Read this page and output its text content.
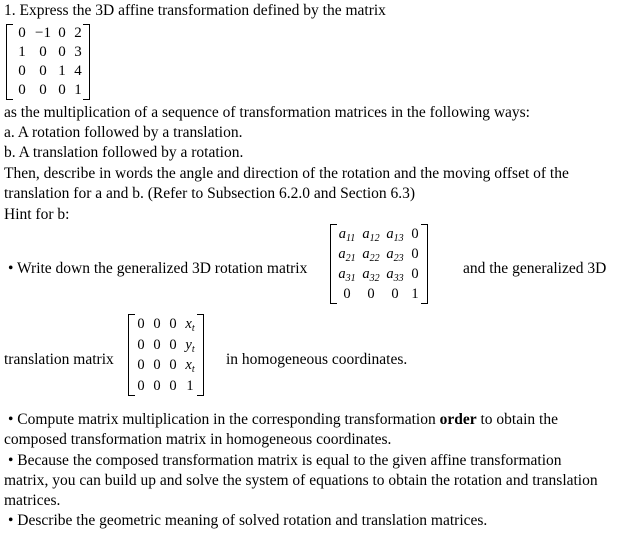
1. Express the 3D affine transformation defined by the matrix
0 −1 0 2
1 0 0 3
0 0 1 4
0 0 0 1
as the multiplication of a sequence of transformation matrices in the following ways:
a. A rotation followed by a translation.
b. A translation followed by a rotation.
Then, describe in words the angle and direction of the rotation and the moving offset of the
translation for a and b. (Refer to Subsection 6.2.0 and Section 6.3)
Hint for b:
• Write down the generalized 3D rotation matrix
$a_{11}$ $a_{12}$ $a_{13}$ 0
$a_{21}$ $a_{22}$ $a_{23}$ 0
$a_{31}$ $a_{32}$ $a_{33}$ 0
0	0	0 1
and the generalized 3D
translation matrix
0 0 0 $x_t$
0 0 0 $y_t$
0 0 0 $x_t$
0 0 0 1
in homogeneous coordinates.
• Compute matrix multiplication in the corresponding transformation order to obtain the
composed transformation matrix in homogeneous coordinates.
• Because the composed transformation matrix is equal to the given affine transformation
matrix, you can build up and solve the system of equations to obtain the rotation and translation
matrices.
• Describe the geometric meaning of solved rotation and translation matrices.
